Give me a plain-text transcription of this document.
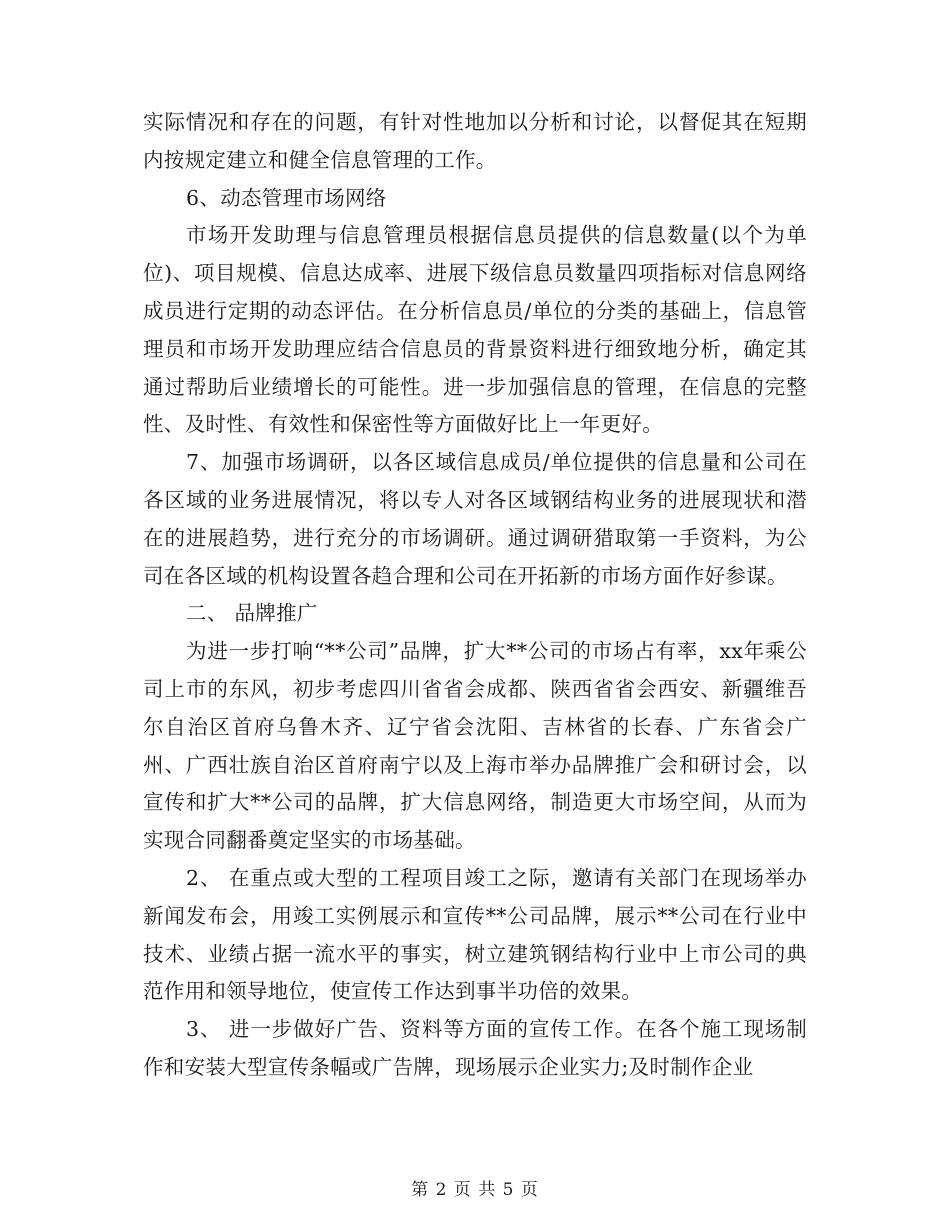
实际情况和存在的问题，有针对性地加以分析和讨论，以督促其在短期内按规定建立和健全信息管理的工作。

6、动态管理市场网络

市场开发助理与信息管理员根据信息员提供的信息数量(以个为单位)、项目规模、信息达成率、进展下级信息员数量四项指标对信息网络成员进行定期的动态评估。在分析信息员/单位的分类的基础上，信息管理员和市场开发助理应结合信息员的背景资料进行细致地分析，确定其通过帮助后业绩增长的可能性。进一步加强信息的管理，在信息的完整性、及时性、有效性和保密性等方面做好比上一年更好。

7、加强市场调研，以各区域信息成员/单位提供的信息量和公司在各区域的业务进展情况，将以专人对各区域钢结构业务的进展现状和潜在的进展趋势，进行充分的市场调研。通过调研猎取第一手资料，为公司在各区域的机构设置各趋合理和公司在开拓新的市场方面作好参谋。

二、 品牌推广

为进一步打响“**公司”品牌，扩大**公司的市场占有率，xx年乘公司上市的东风，初步考虑四川省省会成都、陕西省省会西安、新疆维吾尔自治区首府乌鲁木齐、辽宁省会沈阳、吉林省的长春、广东省会广州、广西壮族自治区首府南宁以及上海市举办品牌推广会和研讨会，以宣传和扩大**公司的品牌，扩大信息网络，制造更大市场空间，从而为实现合同翻番奠定坚实的市场基础。

2、 在重点或大型的工程项目竣工之际，邀请有关部门在现场举办新闻发布会，用竣工实例展示和宣传**公司品牌，展示**公司在行业中技术、业绩占据一流水平的事实，树立建筑钢结构行业中上市公司的典范作用和领导地位，使宣传工作达到事半功倍的效果。

3、 进一步做好广告、资料等方面的宣传工作。在各个施工现场制作和安装大型宣传条幅或广告牌，现场展示企业实力;及时制作企业

第 2 页 共 5 页
